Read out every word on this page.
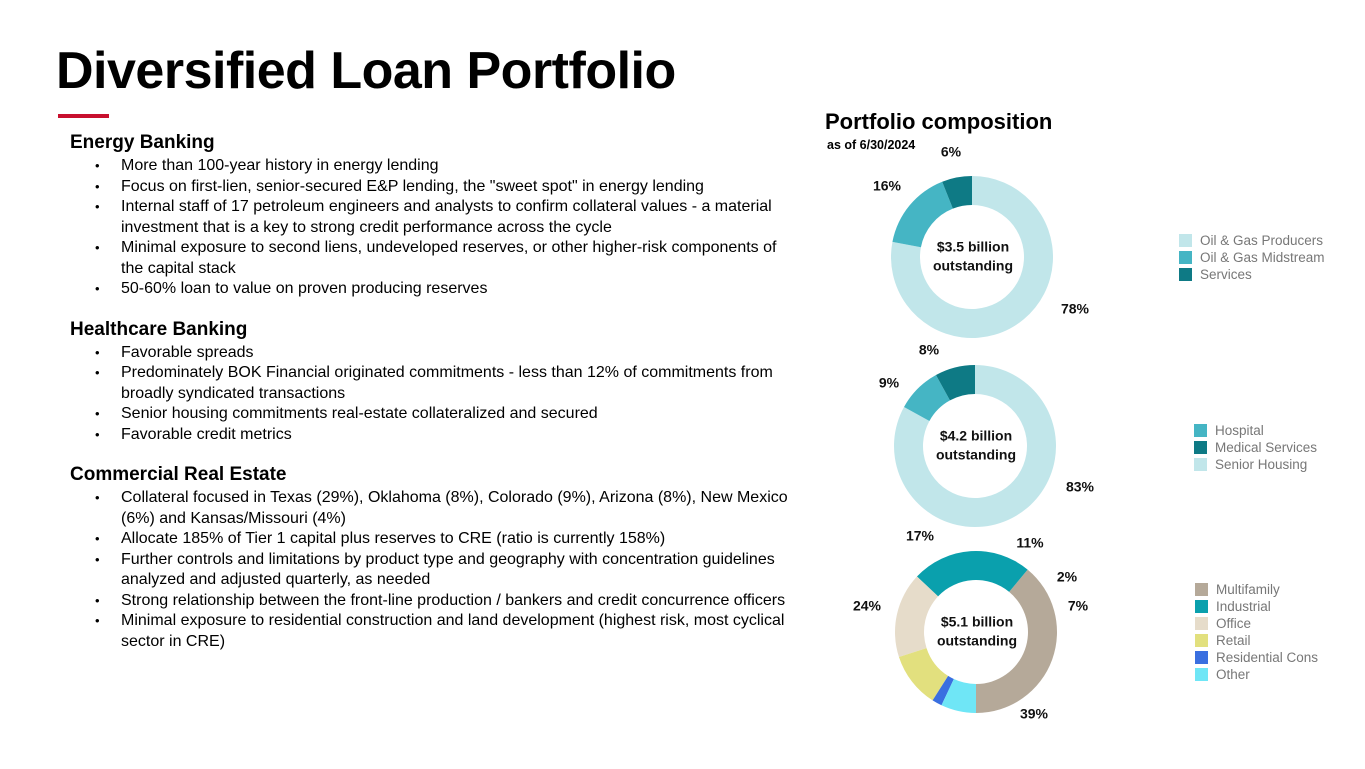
Diversified Loan Portfolio
Energy Banking
• More than 100-year history in energy lending
• Focus on first-lien, senior-secured E&P lending, the "sweet spot" in energy lending
• Internal staff of 17 petroleum engineers and analysts to confirm collateral values - a material investment that is a key to strong credit performance across the cycle
• Minimal exposure to second liens, undeveloped reserves, or other higher-risk components of the capital stack
• 50-60% loan to value on proven producing reserves
Healthcare Banking
• Favorable spreads
• Predominately BOK Financial originated commitments - less than 12% of commitments from broadly syndicated transactions
• Senior housing commitments real-estate collateralized and secured
• Favorable credit metrics
Commercial Real Estate
• Collateral focused in Texas (29%), Oklahoma (8%), Colorado (9%), Arizona (8%), New Mexico (6%) and Kansas/Missouri (4%)
• Allocate 185% of Tier 1 capital plus reserves to CRE (ratio is currently 158%)
• Further controls and limitations by product type and geography with concentration guidelines analyzed and adjusted quarterly, as needed
• Strong relationship between the front-line production / bankers and credit concurrence officers
• Minimal exposure to residential construction and land development (highest risk, most cyclical sector in CRE)
Portfolio composition
as of 6/30/2024
78%
16%
6%
$3.5 billion
outstanding
83%
9%
8%
$4.2 billion
outstanding
39%
24%
17%	11%
2%
7%
$5.1 billion
outstanding
Oil & Gas Producers
Oil & Gas Midstream
Services
Hospital
Medical Services
Senior Housing
Multifamily
Industrial
Office
Retail
Residential Cons
Other
